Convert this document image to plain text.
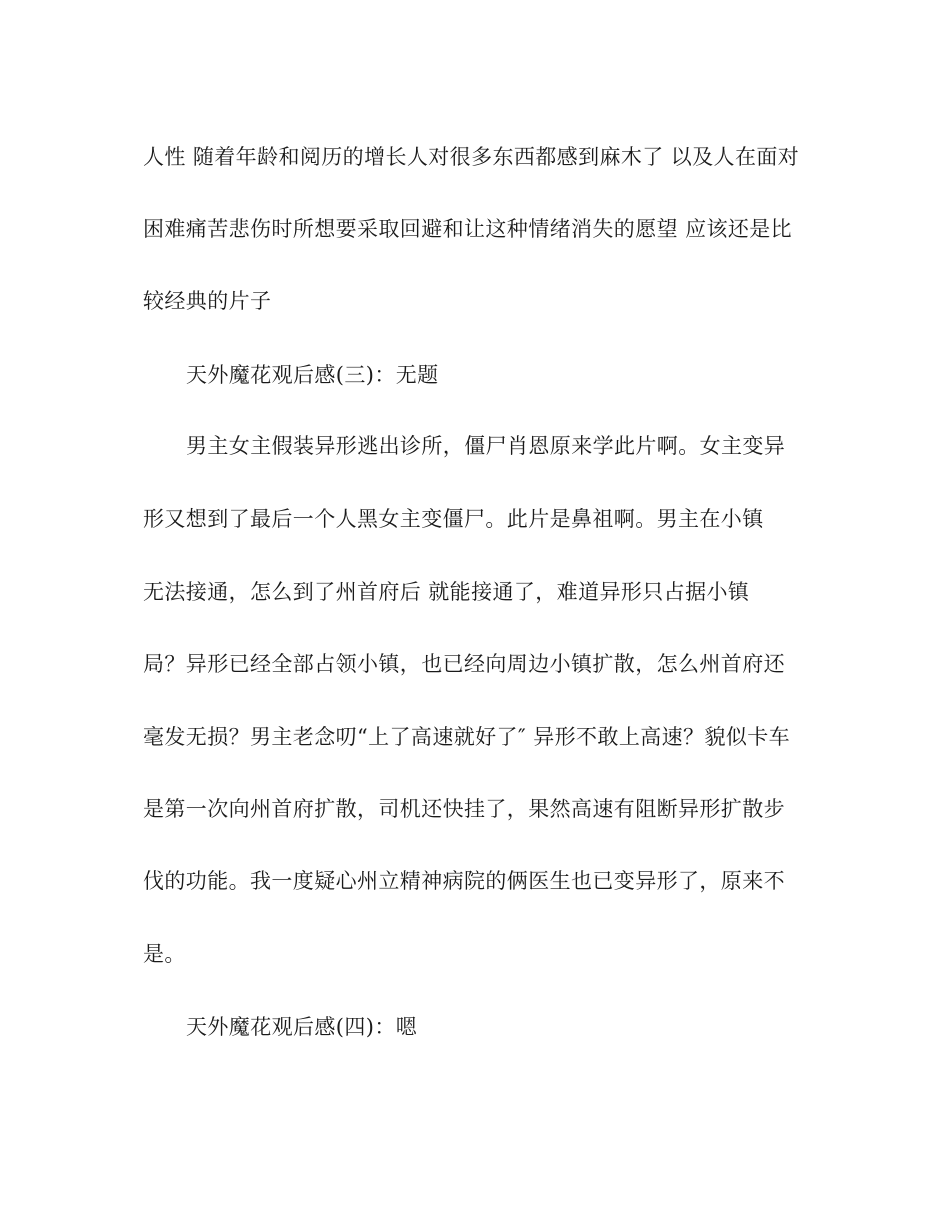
人性 随着年龄和阅历的增长人对很多东西都感到麻木了 以及人在面对
困难痛苦悲伤时所想要采取回避和让这种情绪消失的愿望 应该还是比
较经典的片子
天外魔花观后感(三)：无题
男主女主假装异形逃出诊所，僵尸肖恩原来学此片啊。女主变异
形又想到了最后一个人黑女主变僵尸。此片是鼻祖啊。男主在小镇
无法接通，怎么到了州首府后 就能接通了，难道异形只占据小镇
局？异形已经全部占领小镇，也已经向周边小镇扩散，怎么州首府还
毫发无损？男主老念叨“上了高速就好了″ 异形不敢上高速？貌似卡车
是第一次向州首府扩散，司机还快挂了，果然高速有阻断异形扩散步
伐的功能。我一度疑心州立精神病院的俩医生也已变异形了，原来不
是。
天外魔花观后感(四)：嗯
